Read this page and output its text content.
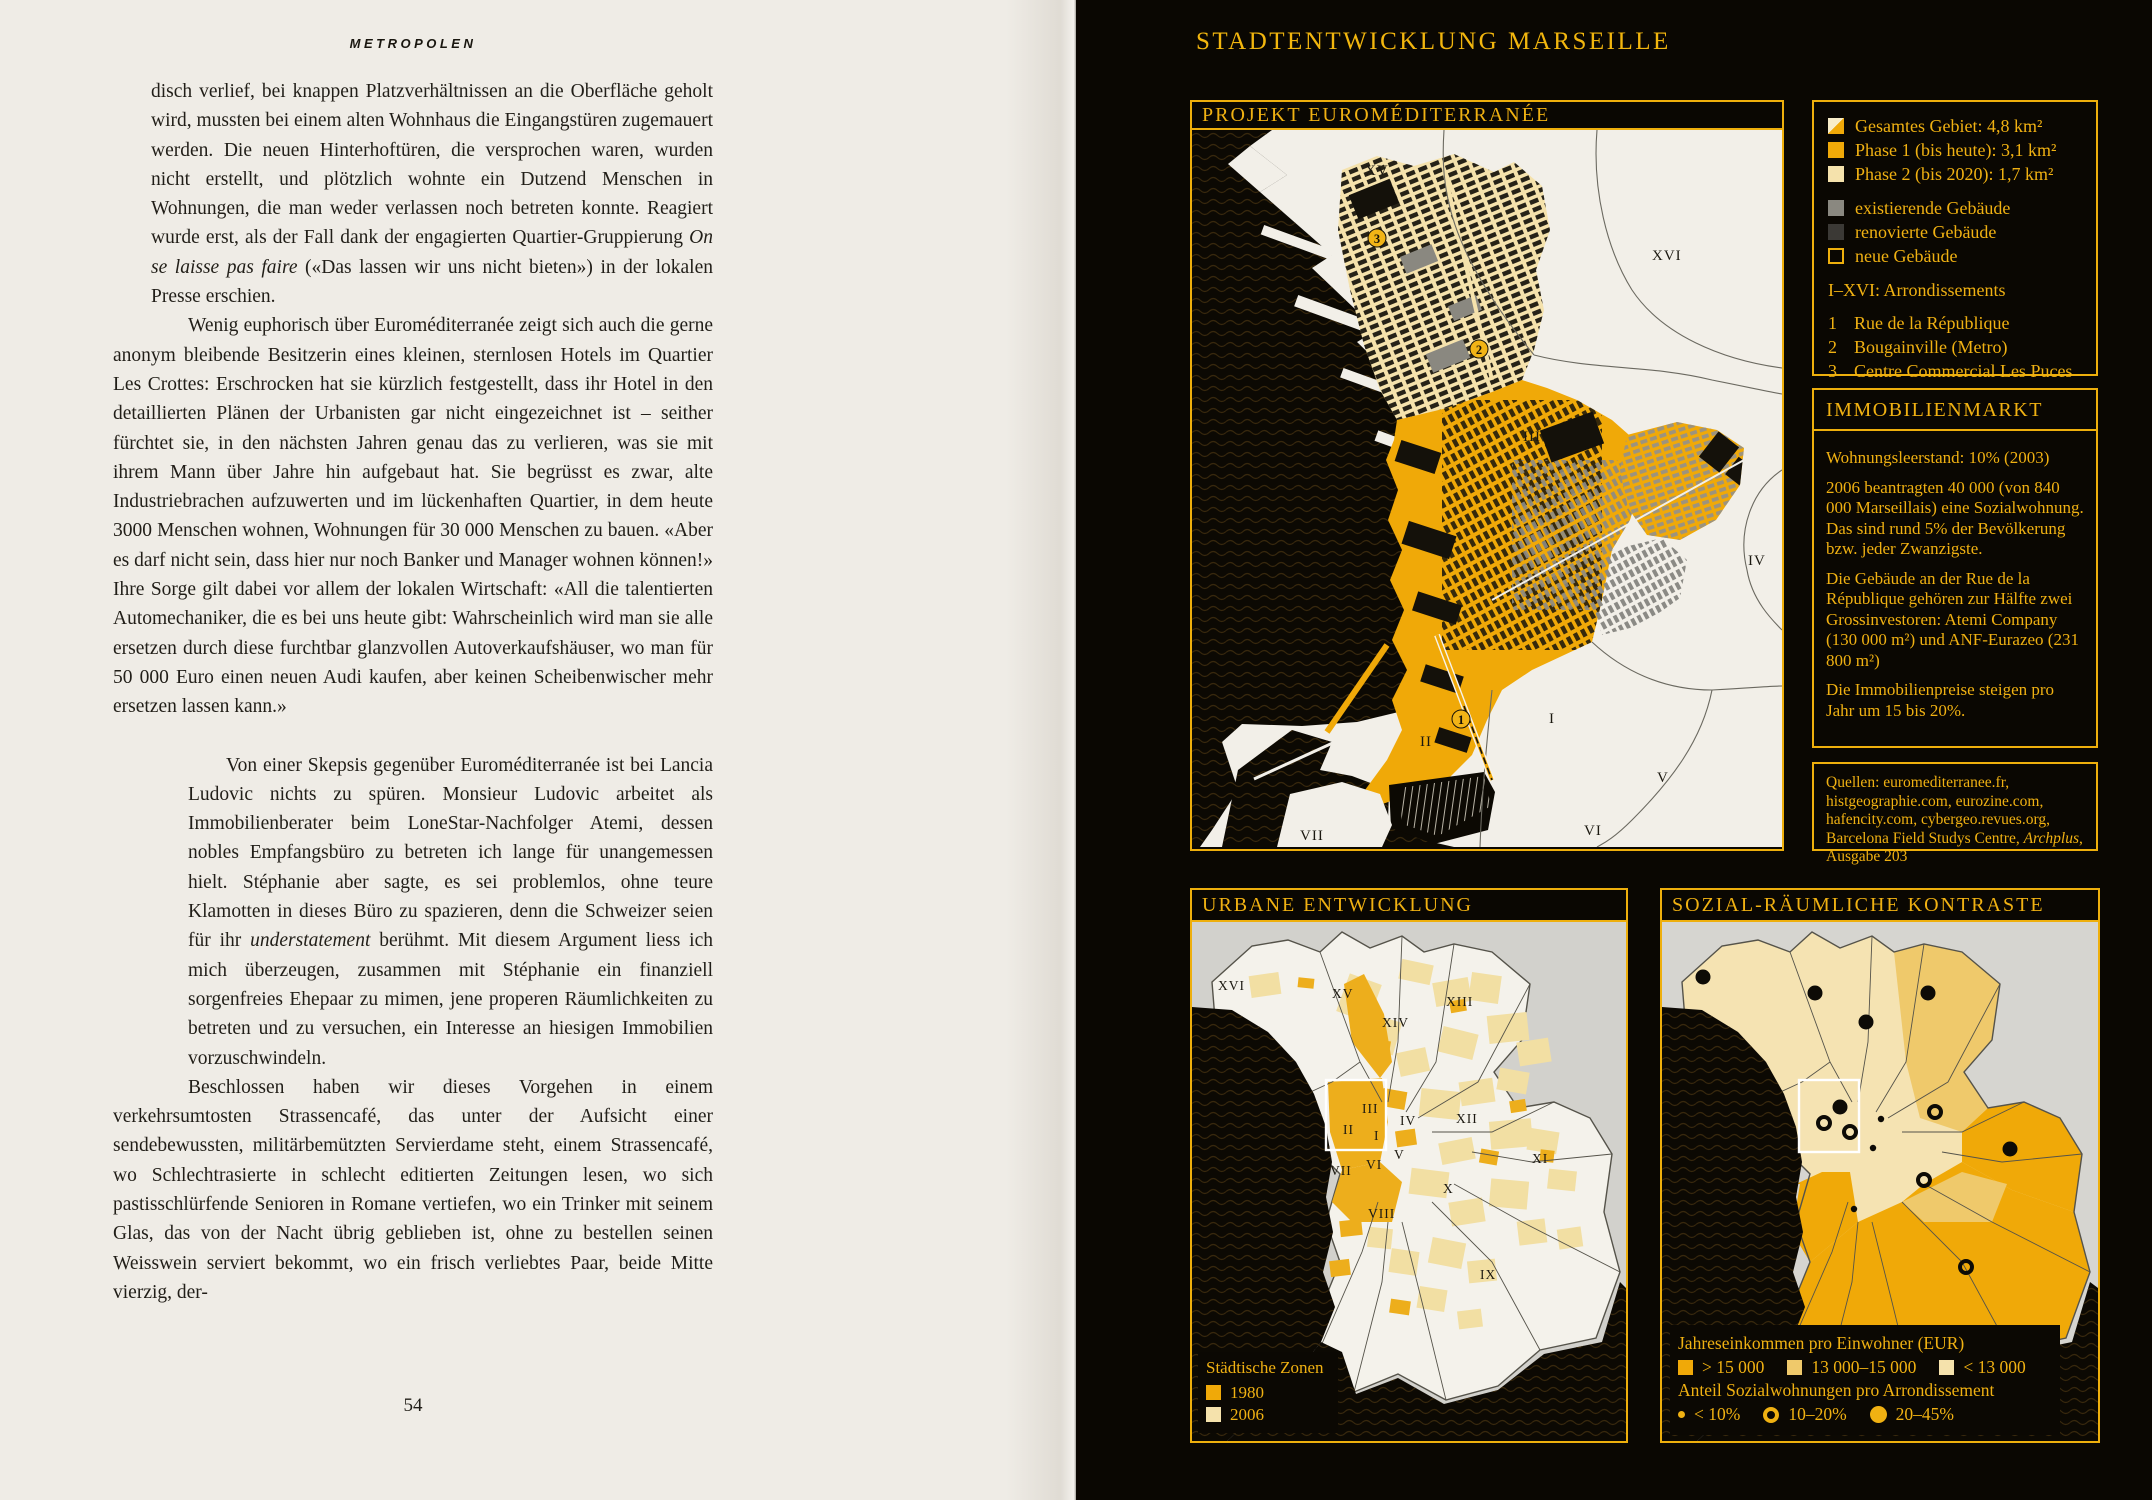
METROPOLEN

disch verlief, bei knappen Platzverhältnissen an die Oberfläche geholt wird, mussten bei einem alten Wohnhaus die Eingangstüren zugemauert werden. Die neuen Hinterhoftüren, die versprochen waren, wurden nicht erstellt, und plötzlich wohnte ein Dutzend Menschen in Wohnungen, die man weder verlassen noch betreten konnte. Reagiert wurde erst, als der Fall dank der engagierten Quartier-Gruppierung On se laisse pas faire («Das lassen wir uns nicht bieten») in der lokalen Presse erschien.

Wenig euphorisch über Euroméditerranée zeigt sich auch die gerne anonym bleibende Besitzerin eines kleinen, sternlosen Hotels im Quartier Les Crottes: Erschrocken hat sie kürzlich festgestellt, dass ihr Hotel in den detaillierten Plänen der Urbanisten gar nicht eingezeichnet ist – seither fürchtet sie, in den nächsten Jahren genau das zu verlieren, was sie mit ihrem Mann über Jahre hin aufgebaut hat. Sie begrüsst es zwar, alte Industriebrachen aufzuwerten und im lückenhaften Quartier, in dem heute 3000 Menschen wohnen, Wohnungen für 30 000 Menschen zu bauen. «Aber es darf nicht sein, dass hier nur noch Banker und Manager wohnen können!» Ihre Sorge gilt dabei vor allem der lokalen Wirtschaft: «All die talentierten Automechaniker, die es bei uns heute gibt: Wahrscheinlich wird man sie alle ersetzen durch diese furchtbar glanzvollen Autoverkaufshäuser, wo man für 50 000 Euro einen neuen Audi kaufen, aber keinen Scheibenwischer mehr ersetzen lassen kann.»

Von einer Skepsis gegenüber Euroméditerranée ist bei Lancia Ludovic nichts zu spüren. Monsieur Ludovic arbeitet als Immobilienberater beim LoneStar-Nachfolger Atemi, dessen nobles Empfangsbüro zu betreten ich lange für unangemessen hielt. Stéphanie aber sagte, es sei problemlos, ohne teure Klamotten in dieses Büro zu spazieren, denn die Schweizer seien für ihr understatement berühmt. Mit diesem Argument liess ich mich überzeugen, zusammen mit Stéphanie ein finanziell sorgenfreies Ehepaar zu mimen, jene properen Räumlichkeiten zu betreten und zu versuchen, ein Interesse an hiesigen Immobilien vorzuschwindeln.

Beschlossen haben wir dieses Vorgehen in einem verkehrsumtosten Strassencafé, das unter der Aufsicht einer sendebewussten, militärbemützten Servierdame steht, einem Strassencafé, wo Schlechtrasierte in schlecht editierten Zeitungen lesen, wo sich pastisschlürfende Senioren in Romane vertiefen, wo ein Trinker mit seinem Glas, das von der Nacht übrig geblieben ist, ohne zu bestellen seinen Weisswein serviert bekommt, wo ein frisch verliebtes Paar, beide Mitte vierzig, der-

54
STADTENTWICKLUNG MARSEILLE
PROJEKT EUROMÉDITERRANÉE
XV
XVI
III
IV
I
II
V
VI
VII
1
2
3
Gesamtes Gebiet: 4,8 km²
Phase 1 (bis heute): 3,1 km²
Phase 2 (bis 2020): 1,7 km²
existierende Gebäude
renovierte Gebäude
neue Gebäude
I–XVI: Arrondissements
1 Rue de la République
2 Bougainville (Metro)
3 Centre Commercial Les Puces
IMMOBILIENMARKT

Wohnungsleerstand: 10% (2003)

2006 beantragten 40 000 (von 840 000 Marseillais) eine Sozialwohnung. Das sind rund 5% der Bevölkerung bzw. jeder Zwanzigste.

Die Gebäude an der Rue de la République gehören zur Hälfte zwei Grossinvestoren: Atemi Company (130 000 m²) und ANF-Eurazeo (231 800 m²)

Die Immobilienpreise steigen pro Jahr um 15 bis 20%.

Quellen: euromediterranee.fr, histgeographie.com, eurozine.com, hafencity.com, cybergeo.revues.org, Barcelona Field Studys Centre, Archplus, Ausgabe 203
URBANE ENTWICKLUNG
XVI
XV
XIV
XIII
III
II I
IV	XII
V
VI
VII
XI
X
VIII
IX
Städtische Zonen
1980
2006
SOZIAL-RÄUMLICHE KONTRASTE
Jahreseinkommen pro Einwohner (EUR)
> 15 000	13 000–15 000	< 13 000
Anteil Sozialwohnungen pro Arrondissement
< 10%	10–20%	20–45%
